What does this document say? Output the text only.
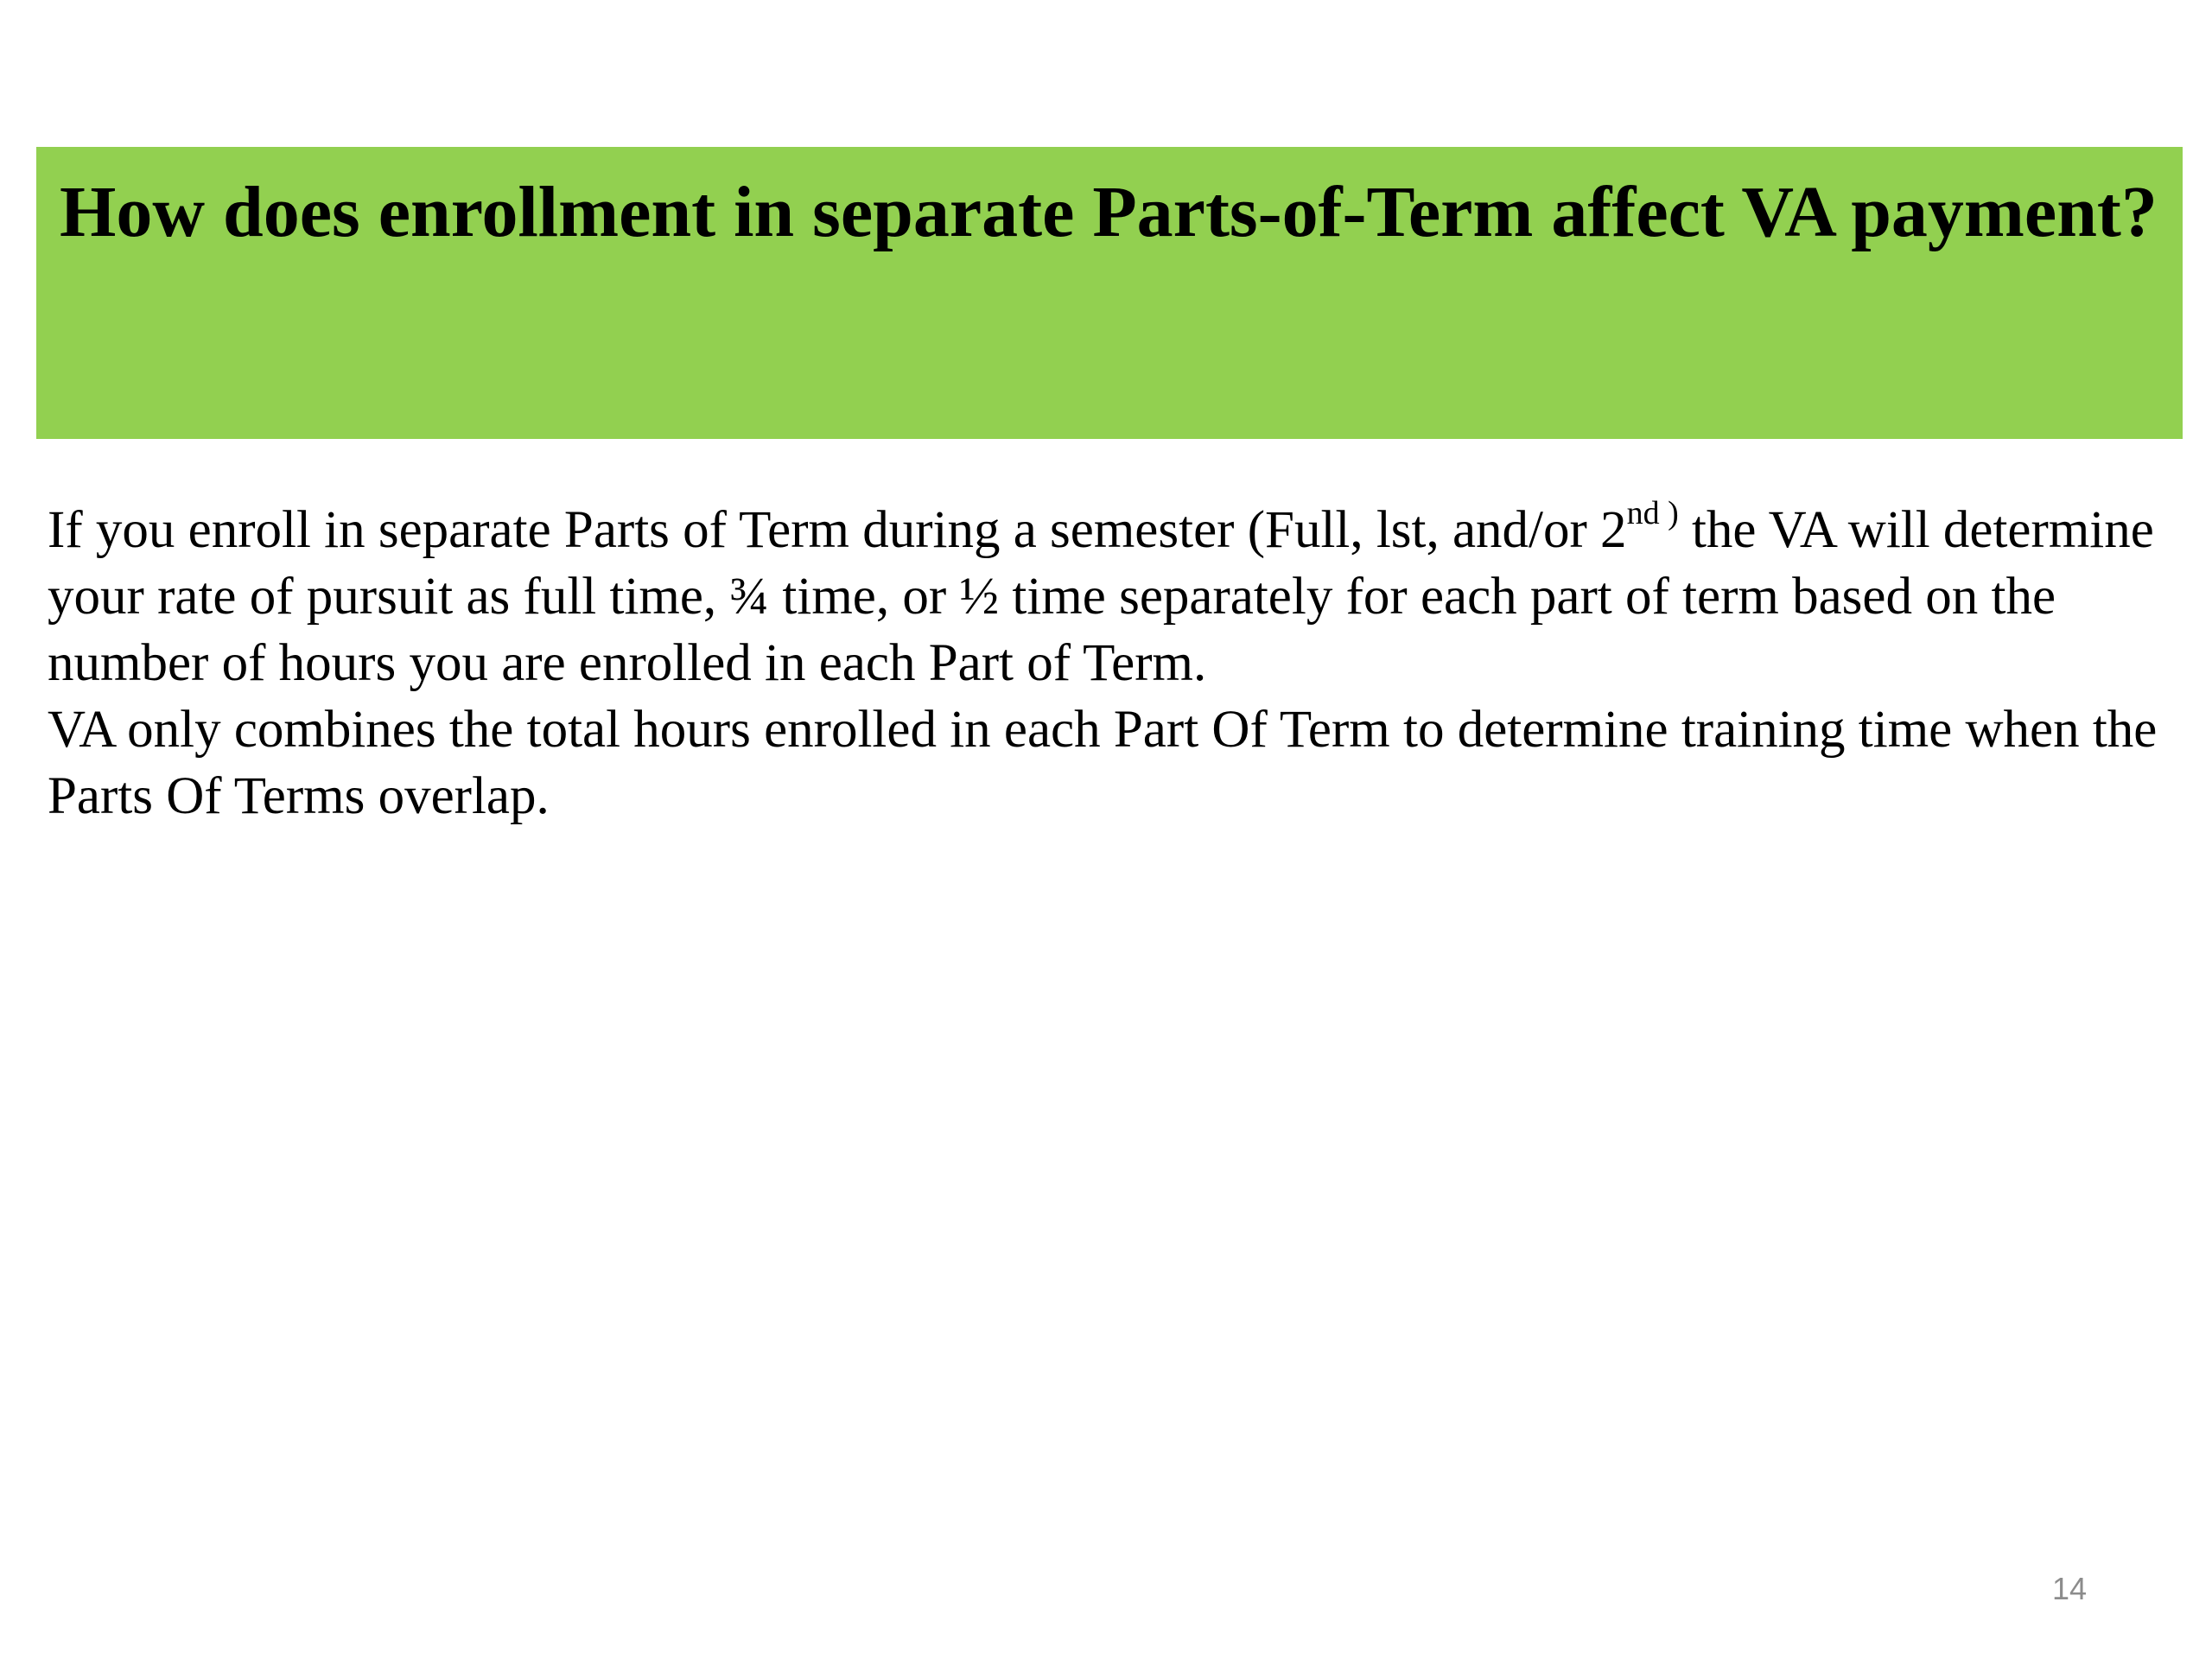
How does enrollment in separate Parts-of-Term affect VA payment?

If you enroll in separate Parts of Term during a semester (Full, lst, and/or $2^{nd )}$ the VA will determine your rate of pursuit as full time, ¾ time, or ½ time separately for each part of term based on the number of hours you are enrolled in each Part of Term.

VA only combines the total hours enrolled in each Part Of Term to determine training time when the Parts Of Terms overlap.

14
